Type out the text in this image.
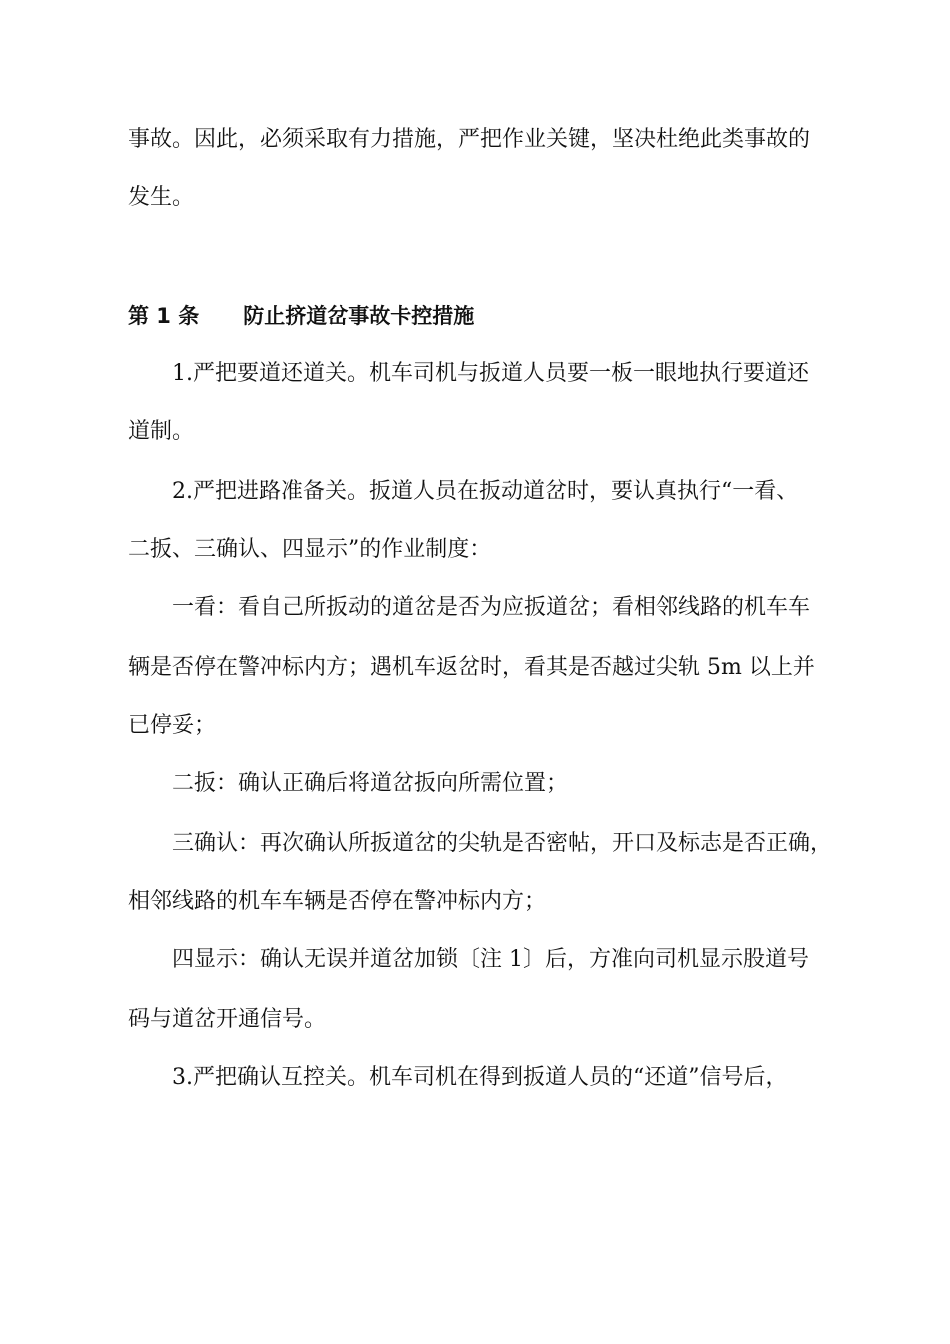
事故。因此，必须采取有力措施，严把作业关键，坚决杜绝此类事故的
发生。
第 1 条 防止挤道岔事故卡控措施
1.严把要道还道关。机车司机与扳道人员要一板一眼地执行要道还
道制。
2.严把进路准备关。扳道人员在扳动道岔时，要认真执行“一看、
二扳、三确认、四显示”的作业制度：
一看：看自己所扳动的道岔是否为应扳道岔；看相邻线路的机车车
辆是否停在警冲标内方；遇机车返岔时，看其是否越过尖轨 5m 以上并
已停妥；
二扳：确认正确后将道岔扳向所需位置；
三确认：再次确认所扳道岔的尖轨是否密帖，开口及标志是否正确，
相邻线路的机车车辆是否停在警冲标内方；
四显示：确认无误并道岔加锁〔注 1〕后，方准向司机显示股道号
码与道岔开通信号。
3.严把确认互控关。机车司机在得到扳道人员的“还道”信号后，
